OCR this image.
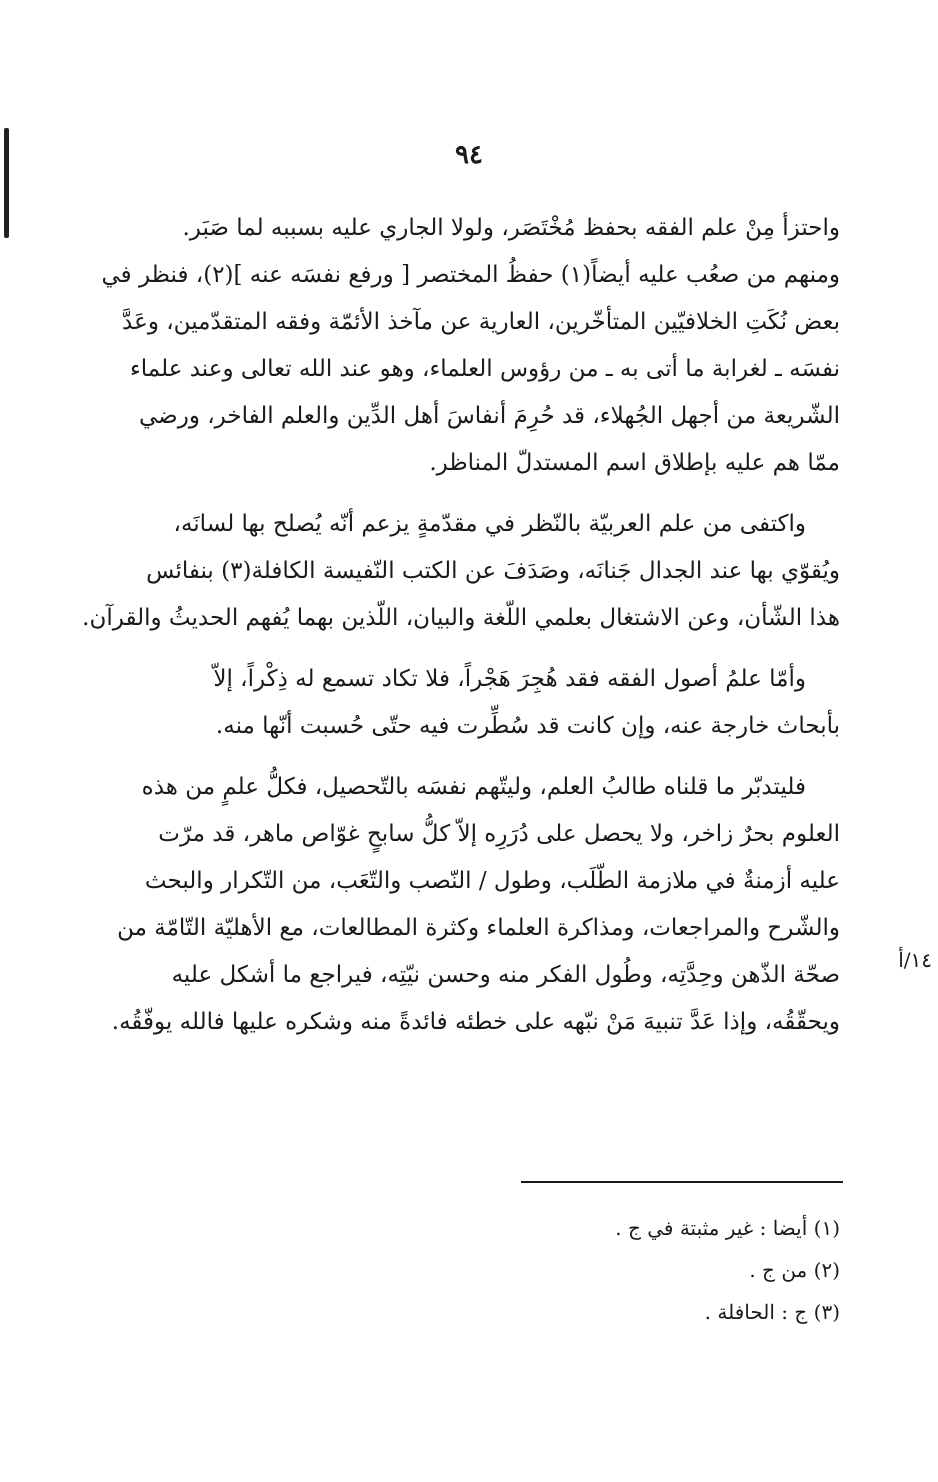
٩٤

واحتزأ مِنْ علم الفقه بحفظ مُخْتَصَر، ولولا الجاري عليه بسببه لما صَبَر.
ومنهم من صعُب عليه أيضاً(١) حفظُ المختصر [ ورفع نفسَه عنه ](٢)، فنظر في
بعض نُكَتِ الخلافيّين المتأخّرين، العارية عن مآخذ الأئمّة وفقه المتقدّمين، وعَدَّ
نفسَه ـ لغرابة ما أتى به ـ من رؤوس العلماء، وهو عند الله تعالى وعند علماء
الشّريعة من أجهل الجُهلاء، قد حُرِمَ أنفاسَ أهل الدِّين والعلم الفاخر، ورضي
ممّا هم عليه بإطلاق اسم المستدلّ المناظر.

واكتفى من علم العربيّة بالنّظر في مقدّمةٍ يزعم أنّه يُصلح بها لسانَه،
ويُقوّي بها عند الجدال جَنانَه، وصَدَفَ عن الكتب النّفيسة الكافلة(٣) بنفائس
هذا الشّأن، وعن الاشتغال بعلمي اللّغة والبيان، اللّذين بهما يُفهم الحديثُ والقرآن.

وأمّا علمُ أصول الفقه فقد هُجِرَ هَجْراً، فلا تكاد تسمع له ذِكْراً، إلاّ
بأبحاث خارجة عنه، وإن كانت قد سُطِّرت فيه حتّى حُسبت أنّها منه.

فليتدبّر ما قلناه طالبُ العلم، وليتّهم نفسَه بالتّحصيل، فكلُّ علمٍ من هذه
العلوم بحرٌ زاخر، ولا يحصل على دُرَرِه إلاّ كلُّ سابحٍ غوّاص ماهر، قد مرّت
عليه أزمنةٌ في ملازمة الطّلَب، وطول / النّصب والتّعَب، من التّكرار والبحث
والشّرح والمراجعات، ومذاكرة العلماء وكثرة المطالعات، مع الأهليّة التّامّة من
صحّة الذّهن وحِدَّتِه، وطُول الفكر منه وحسن نيّتِه، فيراجع ما أشكل عليه
ويحقّقُه، وإذا عَدَّ تنبيهَ مَنْ نبّهه على خطئه فائدةً منه وشكره عليها فالله يوفّقُه.

١٤/أ
(١) أيضا : غير مثبتة في ج .
(٢) من ج .
(٣) ج : الحافلة .
